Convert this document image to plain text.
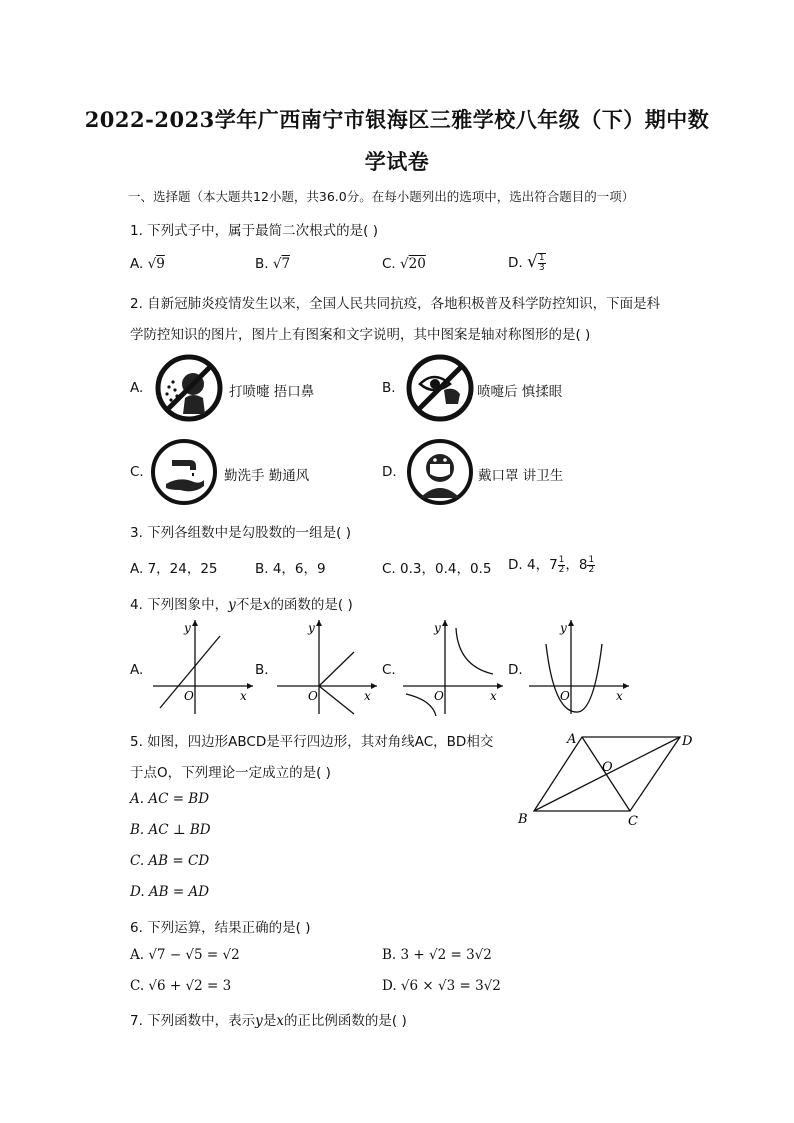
2022-2023学年广西南宁市银海区三雅学校八年级（下）期中数
学试卷
一、选择题（本大题共12小题，共36.0分。在每小题列出的选项中，选出符合题目的一项）
1. 下列式子中，属于最简二次根式的是( )
A. √9	B. √7	C. √20	D. √ $\frac{1}{3}$
2. 自新冠肺炎疫情发生以来，全国人民共同抗疫，各地积极普及科学防控知识，下面是科
学防控知识的图片，图片上有图案和文字说明，其中图案是轴对称图形的是( )
A.	打喷嚏 捂口鼻	B.	喷嚏后 慎揉眼
C.	勤洗手 勤通风	D.	戴口罩 讲卫生
3. 下列各组数中是勾股数的一组是( )
A. 7，24，25	B. 4，6，9	C. 0.3，0.4，0.5 D. 4，$7 \frac{1}{2}$ ，$8 \frac{1}{2}$
4. 下列图象中，y不是x的函数的是( )
A.
y
x
O
B.
y
x
O
C.
y
x
O
D.
y
x
O
5. 如图，四边形ABCD是平行四边形，其对角线AC，BD相交
于点O，下列理论一定成立的是( )
A. AC = BD
B. AC ⊥ BD
C. AB = CD
D. AB = AD
A	D
O
B	C
6. 下列运算，结果正确的是( )
A. √7 − √5 = √2	B. 3 + √2 = 3√2
C. √6 + √2 = 3	D. √6 × √3 = 3√2
7. 下列函数中，表示y是x的正比例函数的是( )
